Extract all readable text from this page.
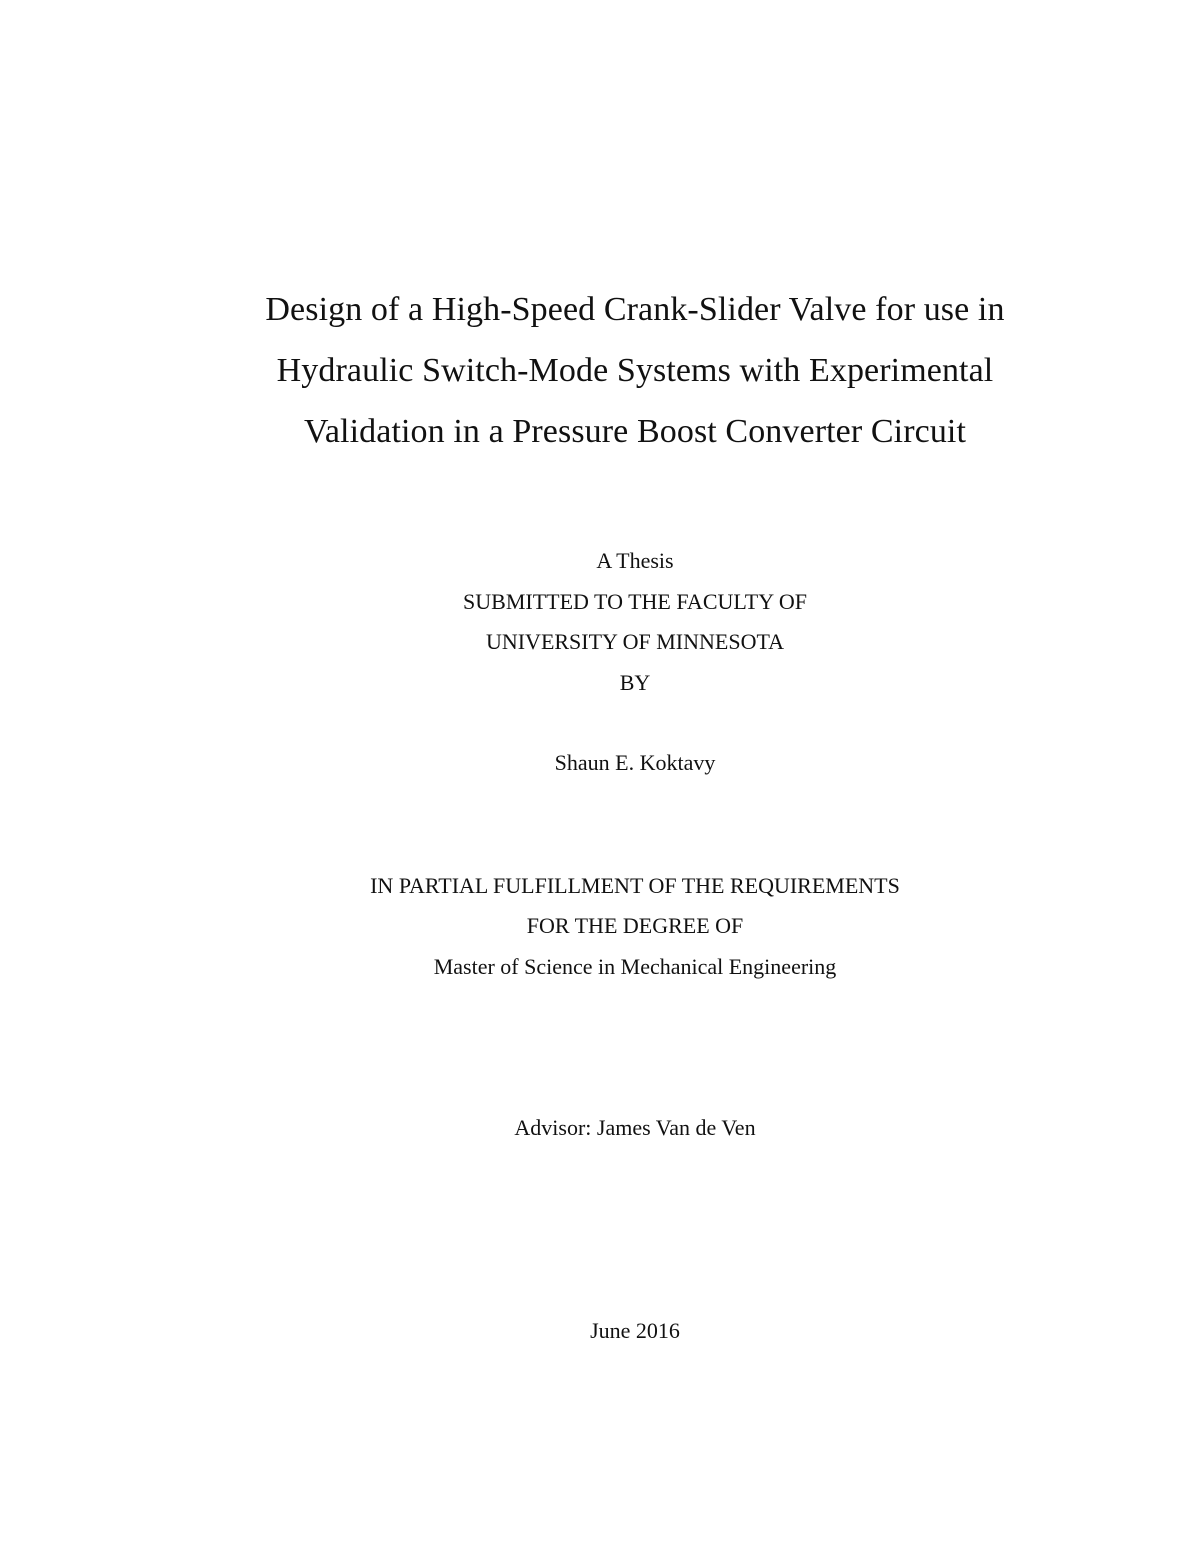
Design of a High-Speed Crank-Slider Valve for use in
Hydraulic Switch-Mode Systems with Experimental
Validation in a Pressure Boost Converter Circuit
A Thesis
SUBMITTED TO THE FACULTY OF
UNIVERSITY OF MINNESOTA
BY
Shaun E. Koktavy
IN PARTIAL FULFILLMENT OF THE REQUIREMENTS
FOR THE DEGREE OF
Master of Science in Mechanical Engineering
Advisor: James Van de Ven
June 2016
